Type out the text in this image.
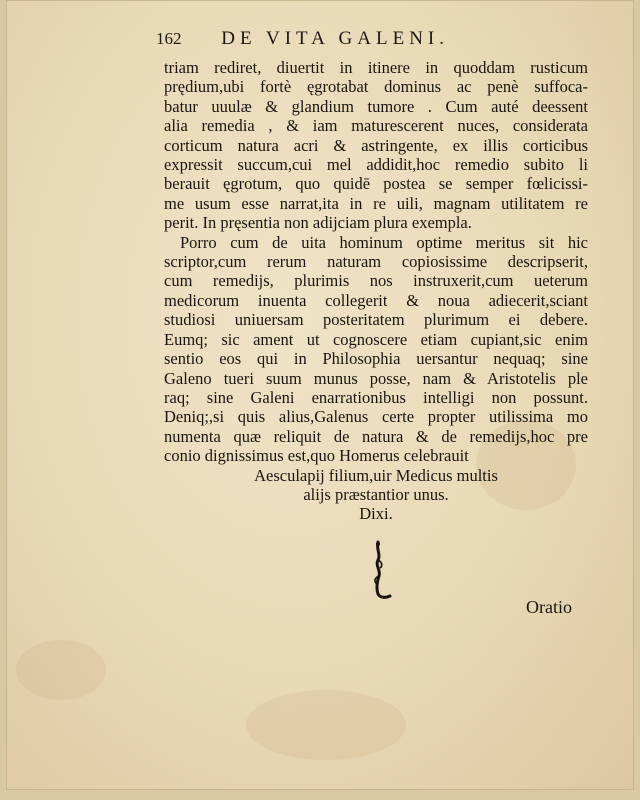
162 DE VITA GALENI.
triam rediret, diuertit in itinere in quoddam rusticum
prędium,ubi fortè ęgrotabat dominus ac penè suffoca-
batur uuulæ & glandium tumore . Cum auté deessent
alia remedia , & iam maturescerent nuces, considerata
corticum natura acri & astringente, ex illis corticibus
expressit succum,cui mel addidit,hoc remedio subito li
berauit ęgrotum, quo quidē postea se semper fœlicissi-
me usum esse narrat,ita in re uili, magnam utilitatem re
perit. In pręsentia non adijciam plura exempla.
Porro cum de uita hominum optime meritus sit hic
scriptor,cum rerum naturam copiosissime descripserit,
cum remedijs, plurimis nos instruxerit,cum ueterum
medicorum inuenta collegerit & noua adiecerit,sciant
studiosi uniuersam posteritatem plurimum ei debere.
Eumq; sic ament ut cognoscere etiam cupiant,sic enim
sentio eos qui in Philosophia uersantur nequaq; sine
Galeno tueri suum munus posse, nam & Aristotelis ple
raq; sine Galeni enarrationibus intelligi non possunt.
Deniq;,si quis alius,Galenus certe propter utilissima mo
numenta quæ reliquit de natura & de remedijs,hoc pre
conio dignissimus est,quo Homerus celebrauit
Aesculapij filium,uir Medicus multis
alijs præstantior unus.
Dixi.
Oratio
